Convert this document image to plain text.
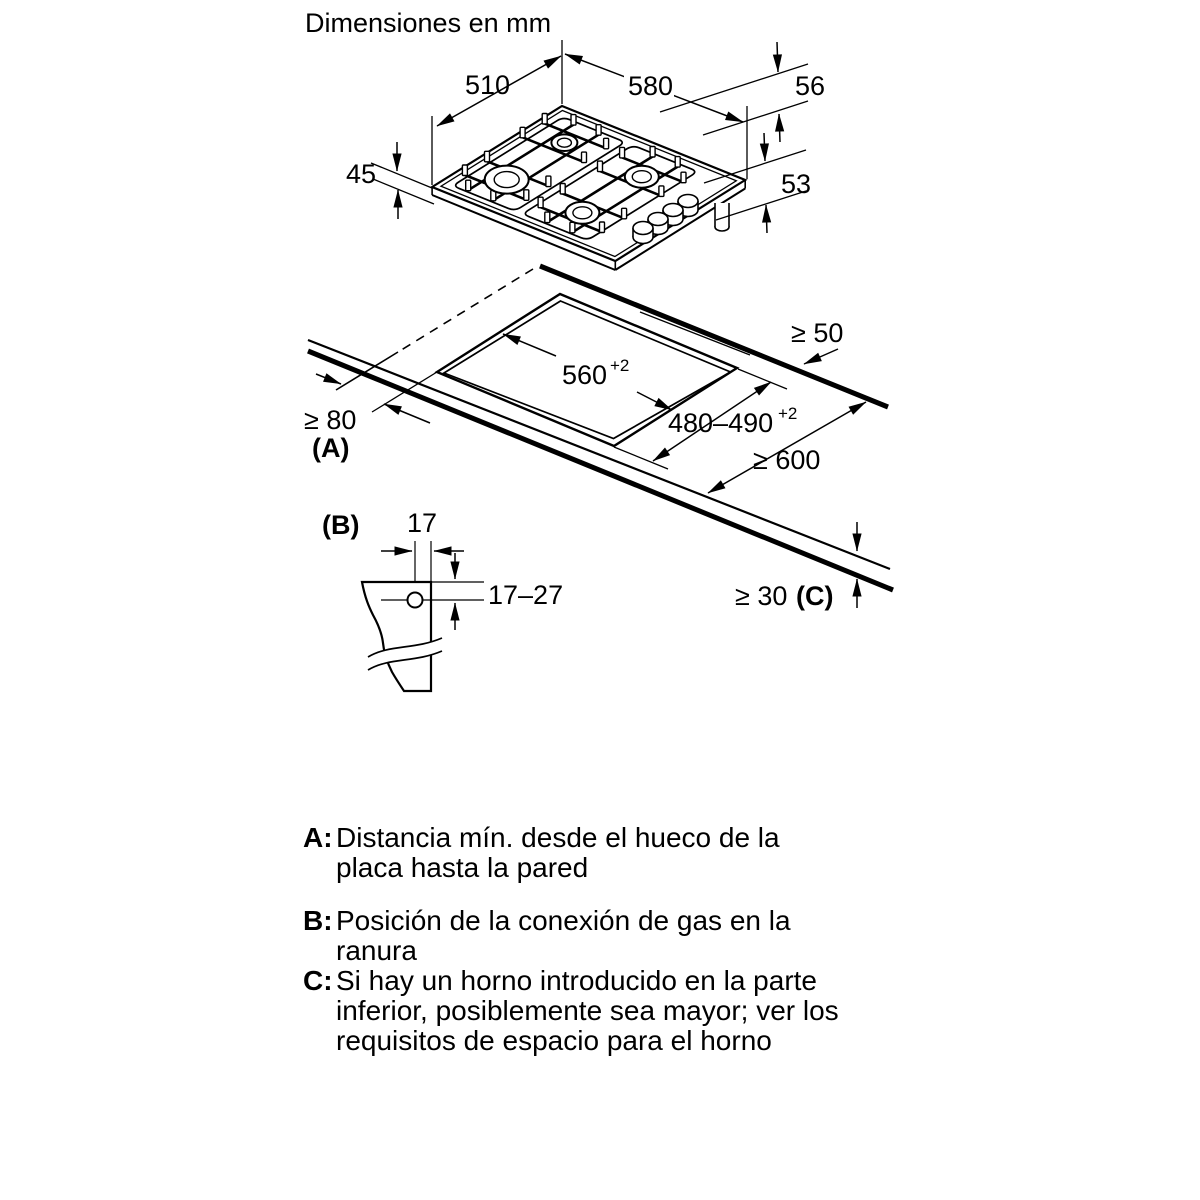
Dimensiones en mm
510	580	56
53
45
560 +2
480–490 +2
≥ 50
≥ 80
(A)	≥ 600
≥ 30 (C)
(B) 17
17–27
A: Distancia mín. desde el hueco de la
placa hasta la pared
B: Posición de la conexión de gas en la
ranura
C: Si hay un horno introducido en la parte
inferior, posiblemente sea mayor; ver los
requisitos de espacio para el horno
